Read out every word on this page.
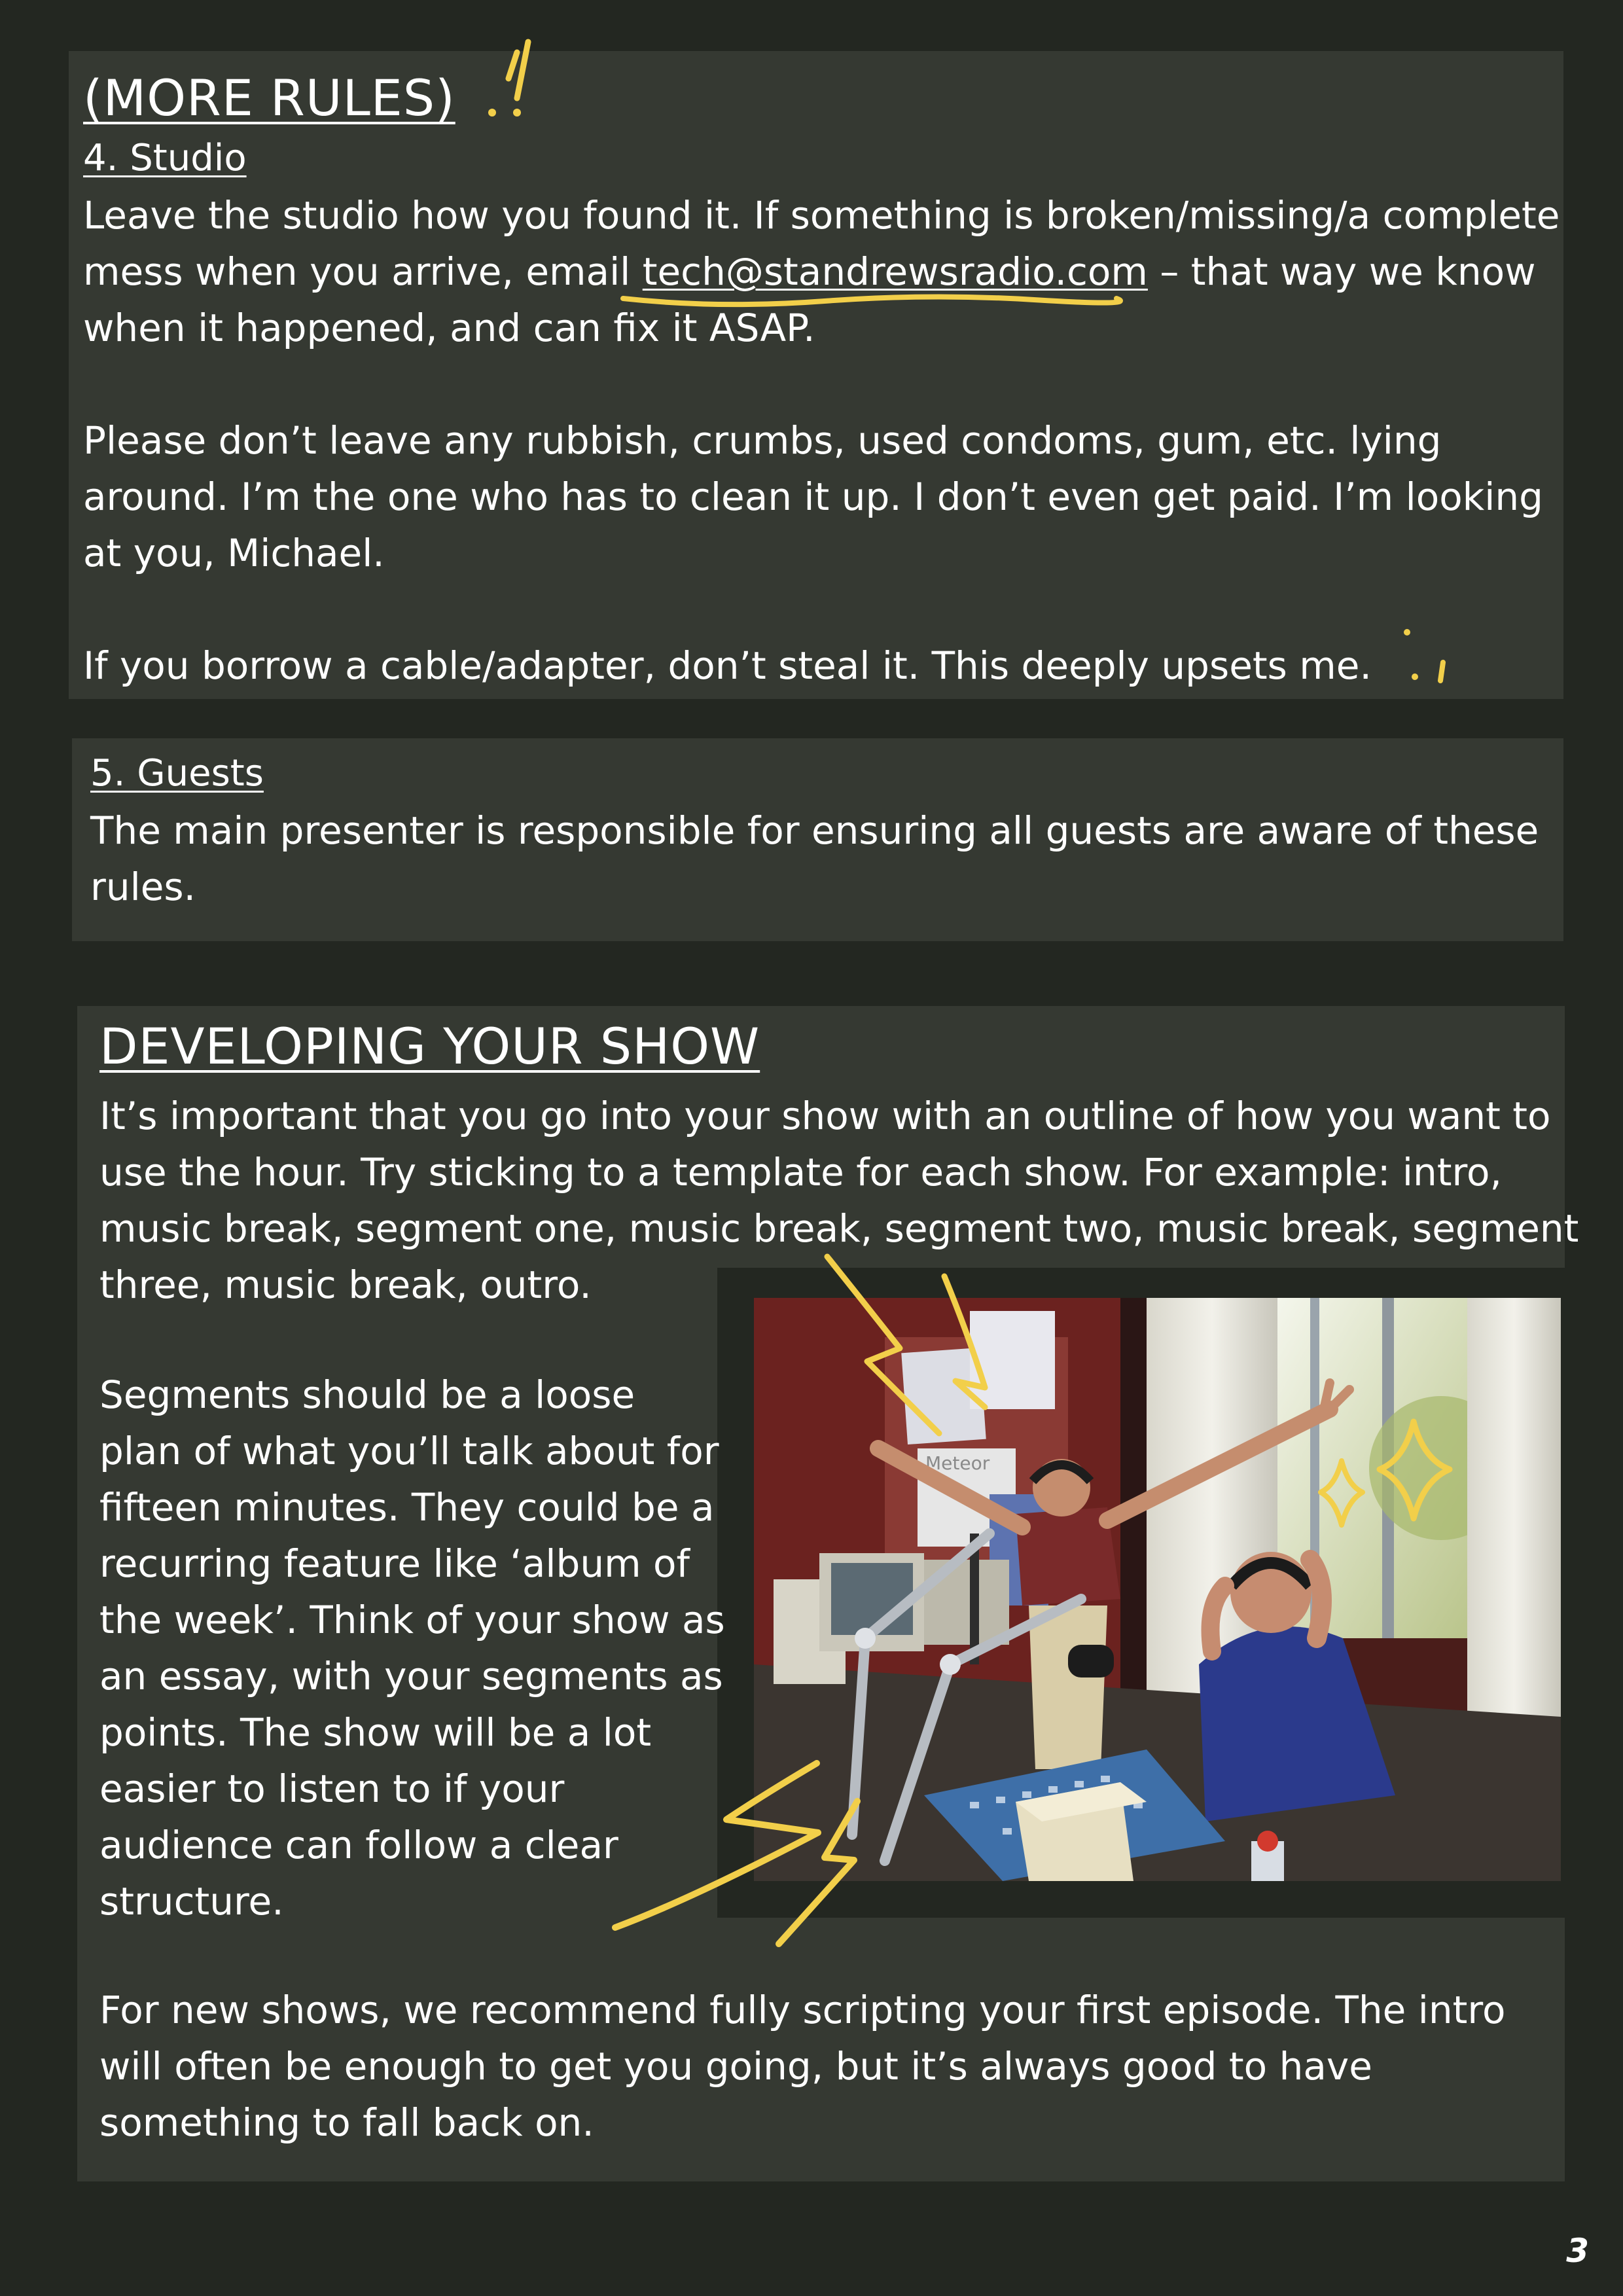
(MORE RULES)
4. Studio

Leave the studio how you found it. If something is broken/missing/a complete mess when you arrive, email tech@standrewsradio.com – that way we know when it happened, and can fix it ASAP.

Please don’t leave any rubbish, crumbs, used condoms, gum, etc. lying around. I’m the one who has to clean it up. I don’t even get paid. I’m looking at you, Michael.

If you borrow a cable/adapter, don’t steal it. This deeply upsets me.

5. Guests
The main presenter is responsible for ensuring all guests are aware of these rules.
DEVELOPING YOUR SHOW
It’s important that you go into your show with an outline of how you want to
use the hour. Try sticking to a template for each show. For example: intro,
music break, segment one, music break, segment two, music break, segment
three, music break, outro.
Segments should be a loose
plan of what you’ll talk about for
fifteen minutes. They could be a
recurring feature like ‘album of
the week’. Think of your show as
an essay, with your segments as
points. The show will be a lot
easier to listen to if your
audience can follow a clear
structure.
For new shows, we recommend fully scripting your first episode. The intro will often be enough to get you going, but it’s always good to have something to fall back on.
Meteor
3
